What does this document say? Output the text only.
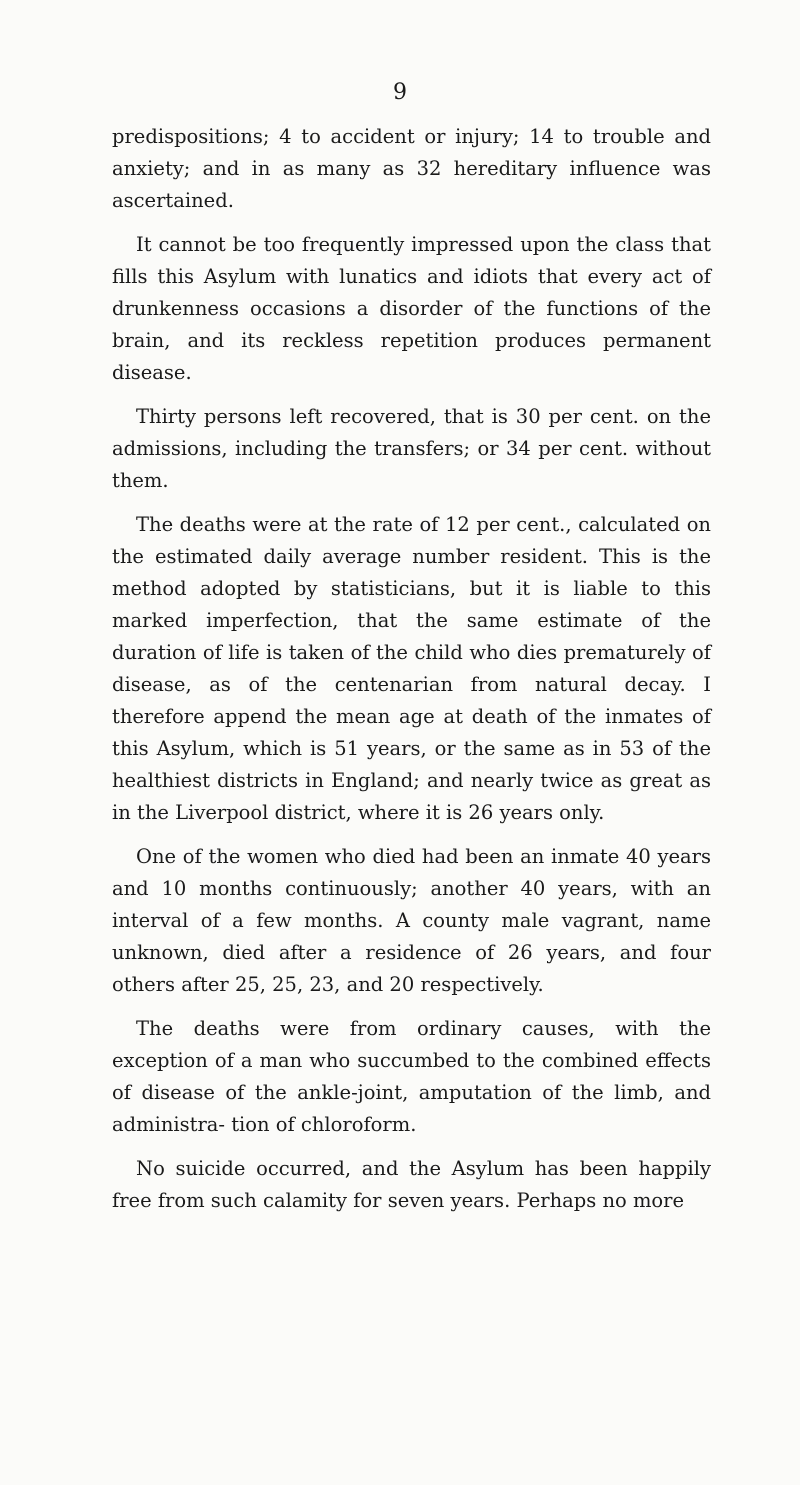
9

predispositions; 4 to accident or injury; 14 to trouble and anxiety; and in as many as 32 hereditary influence was ascertained.

It cannot be too frequently impressed upon the class that fills this Asylum with lunatics and idiots that every act of drunkenness occasions a disorder of the functions of the brain, and its reckless repetition produces permanent disease.

Thirty persons left recovered, that is 30 per cent. on the admissions, including the transfers; or 34 per cent. without them.

The deaths were at the rate of 12 per cent., calculated on the estimated daily average number resident. This is the method adopted by statisticians, but it is liable to this marked imperfection, that the same estimate of the duration of life is taken of the child who dies prematurely of disease, as of the centenarian from natural decay. I therefore append the mean age at death of the inmates of this Asylum, which is 51 years, or the same as in 53 of the healthiest districts in England; and nearly twice as great as in the Liverpool district, where it is 26 years only.

One of the women who died had been an inmate 40 years and 10 months continuously; another 40 years, with an interval of a few months. A county male vagrant, name unknown, died after a residence of 26 years, and four others after 25, 25, 23, and 20 respectively.

The deaths were from ordinary causes, with the exception of a man who succumbed to the combined effects of disease of the ankle-joint, amputation of the limb, and administra- tion of chloroform.

No suicide occurred, and the Asylum has been happily free from such calamity for seven years. Perhaps no more
